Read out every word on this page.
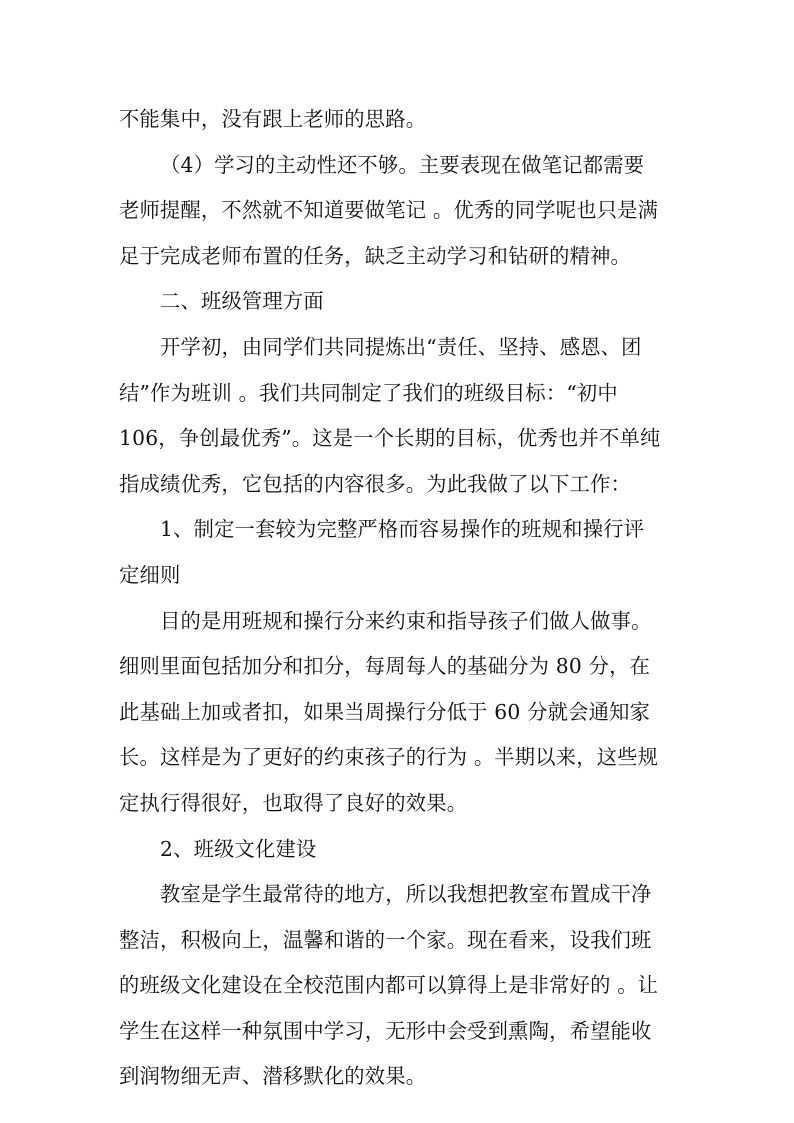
不能集中，没有跟上老师的思路。
（4）学习的主动性还不够。主要表现在做笔记都需要
老师提醒，不然就不知道要做笔记 。优秀的同学呢也只是满
足于完成老师布置的任务，缺乏主动学习和钻研的精神。
二、班级管理方面
开学初，由同学们共同提炼出“责任、坚持、感恩、团
结”作为班训 。我们共同制定了我们的班级目标：“初中
106，争创最优秀”。这是一个长期的目标，优秀也并不单纯
指成绩优秀，它包括的内容很多。为此我做了以下工作：
1、制定一套较为完整严格而容易操作的班规和操行评
定细则
目的是用班规和操行分来约束和指导孩子们做人做事。
细则里面包括加分和扣分，每周每人的基础分为 80 分，在
此基础上加或者扣，如果当周操行分低于 60 分就会通知家
长。这样是为了更好的约束孩子的行为 。半期以来，这些规
定执行得很好，也取得了良好的效果。
2、班级文化建设
教室是学生最常待的地方，所以我想把教室布置成干净
整洁，积极向上，温馨和谐的一个家。现在看来，设我们班
的班级文化建设在全校范围内都可以算得上是非常好的 。让
学生在这样一种氛围中学习，无形中会受到熏陶，希望能收
到润物细无声、潜移默化的效果。
